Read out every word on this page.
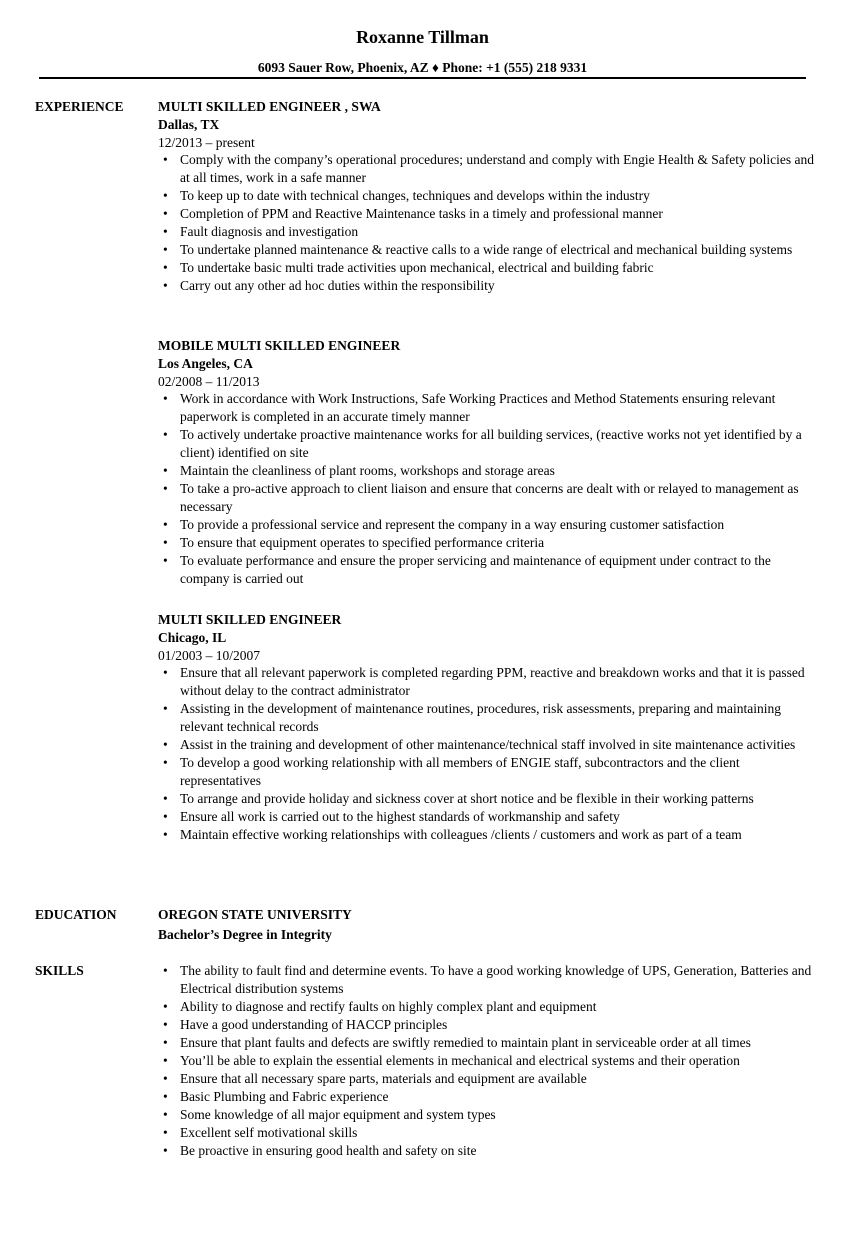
Roxanne Tillman
6093 Sauer Row, Phoenix, AZ ♦ Phone: +1 (555) 218 9331
EXPERIENCE	MULTI SKILLED ENGINEER , SWA
Dallas, TX
12/2013 – present
• Comply with the company’s operational procedures; understand and comply with Engie Health & Safety policies and at all times, work in a safe manner
• To keep up to date with technical changes, techniques and develops within the industry
• Completion of PPM and Reactive Maintenance tasks in a timely and professional manner
• Fault diagnosis and investigation
• To undertake planned maintenance & reactive calls to a wide range of electrical and mechanical building systems
• To undertake basic multi trade activities upon mechanical, electrical and building fabric
• Carry out any other ad hoc duties within the responsibility
MOBILE MULTI SKILLED ENGINEER
Los Angeles, CA
02/2008 – 11/2013
• Work in accordance with Work Instructions, Safe Working Practices and Method Statements ensuring relevant paperwork is completed in an accurate timely manner
• To actively undertake proactive maintenance works for all building services, (reactive works not yet identified by a client) identified on site
• Maintain the cleanliness of plant rooms, workshops and storage areas
• To take a pro-active approach to client liaison and ensure that concerns are dealt with or relayed to management as necessary
• To provide a professional service and represent the company in a way ensuring customer satisfaction
• To ensure that equipment operates to specified performance criteria
• To evaluate performance and ensure the proper servicing and maintenance of equipment under contract to the company is carried out
MULTI SKILLED ENGINEER
Chicago, IL
01/2003 – 10/2007
• Ensure that all relevant paperwork is completed regarding PPM, reactive and breakdown works and that it is passed without delay to the contract administrator
• Assisting in the development of maintenance routines, procedures, risk assessments, preparing and maintaining relevant technical records
• Assist in the training and development of other maintenance/technical staff involved in site maintenance activities
• To develop a good working relationship with all members of ENGIE staff, subcontractors and the client representatives
• To arrange and provide holiday and sickness cover at short notice and be flexible in their working patterns
• Ensure all work is carried out to the highest standards of workmanship and safety
• Maintain effective working relationships with colleagues /clients / customers and work as part of a team
EDUCATION	OREGON STATE UNIVERSITY
Bachelor’s Degree in Integrity
SKILLS
•	The ability to fault find and determine events. To have a good working knowledge of UPS, Generation, Batteries and Electrical distribution systems
• Ability to diagnose and rectify faults on highly complex plant and equipment
• Have a good understanding of HACCP principles
• Ensure that plant faults and defects are swiftly remedied to maintain plant in serviceable order at all times
• You’ll be able to explain the essential elements in mechanical and electrical systems and their operation
• Ensure that all necessary spare parts, materials and equipment are available
• Basic Plumbing and Fabric experience
• Some knowledge of all major equipment and system types
• Excellent self motivational skills
• Be proactive in ensuring good health and safety on site
